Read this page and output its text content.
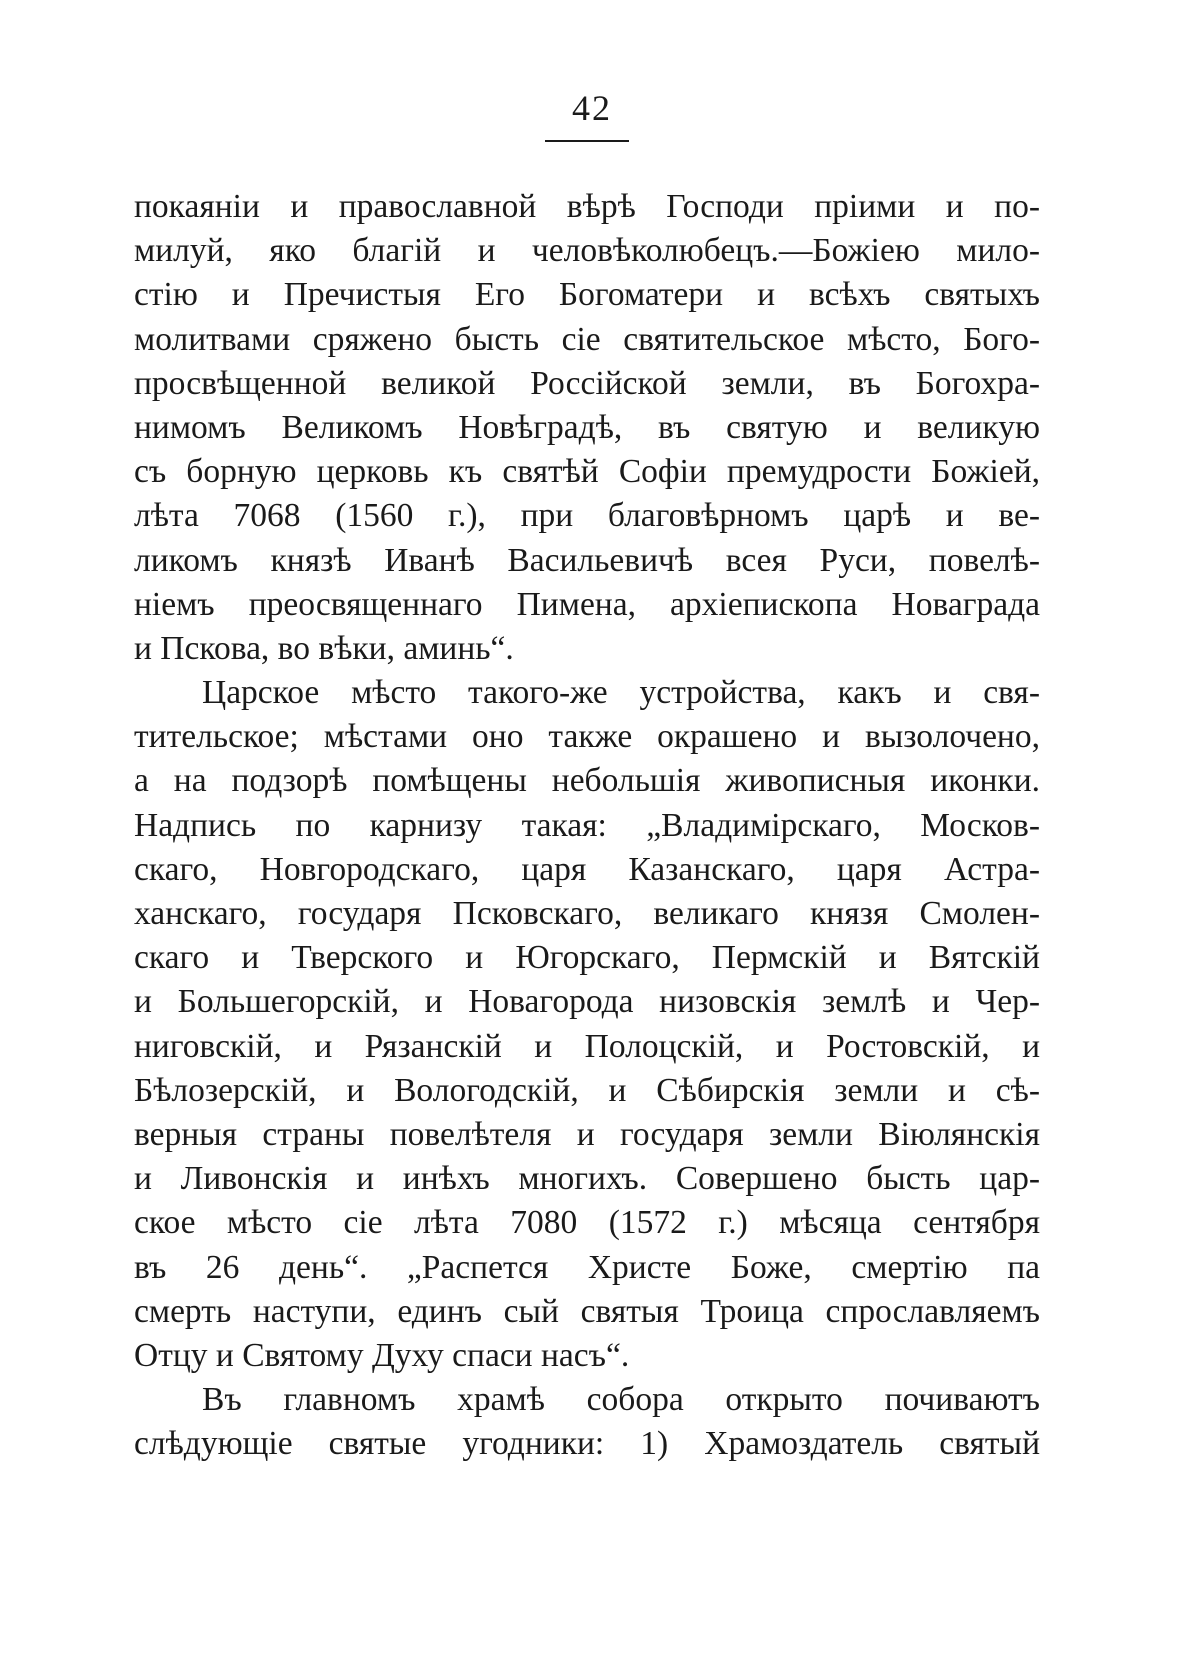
42
покаяніи и православной вѣрѣ Господи пріими и по-
милуй, яко благій и человѣколюбецъ.—Божіею мило-
стію и Пречистыя Его Богоматери и всѣхъ святыхъ
молитвами сряжено бысть сіе святительское мѣсто, Бого-
просвѣщенной великой Россійской земли, въ Богохра-
нимомъ Великомъ Новѣградѣ, въ святую и великую
съ борную церковь къ святѣй Софіи премудрости Божіей,
лѣта 7068 (1560 г.), при благовѣрномъ царѣ и ве-
ликомъ князѣ Иванѣ Васильевичѣ всея Руси, повелѣ-
ніемъ преосвященнаго Пимена, архіепископа Новаграда
и Пскова, во вѣки, аминь“.
Царское мѣсто такого-же устройства, какъ и свя-
тительское; мѣстами оно также окрашено и вызолочено,
а на подзорѣ помѣщены небольшія живописныя иконки.
Надпись по карнизу такая: „Владимірскаго, Москов-
скаго, Новгородскаго, царя Казанскаго, царя Астра-
ханскаго, государя Псковскаго, великаго князя Смолен-
скаго и Тверского и Югорскаго, Пермскій и Вятскій
и Большегорскій, и Новагорода низовскія землѣ и Чер-
ниговскій, и Рязанскій и Полоцскій, и Ростовскій, и
Бѣлозерскій, и Вологодскій, и Сѣбирскія земли и сѣ-
верныя страны повелѣтеля и государя земли Віюлянскія
и Ливонскія и инѣхъ многихъ. Совершено бысть цар-
ское мѣсто сіе лѣта 7080 (1572 г.) мѣсяца сентября
въ 26 день“. „Распется Христе Боже, смертію па
смерть наступи, единъ сый святыя Троица спрославляемъ
Отцу и Святому Духу спаси насъ“.
Въ главномъ храмѣ собора открыто почиваютъ
слѣдующіе святые угодники: 1) Храмоздатель святый
